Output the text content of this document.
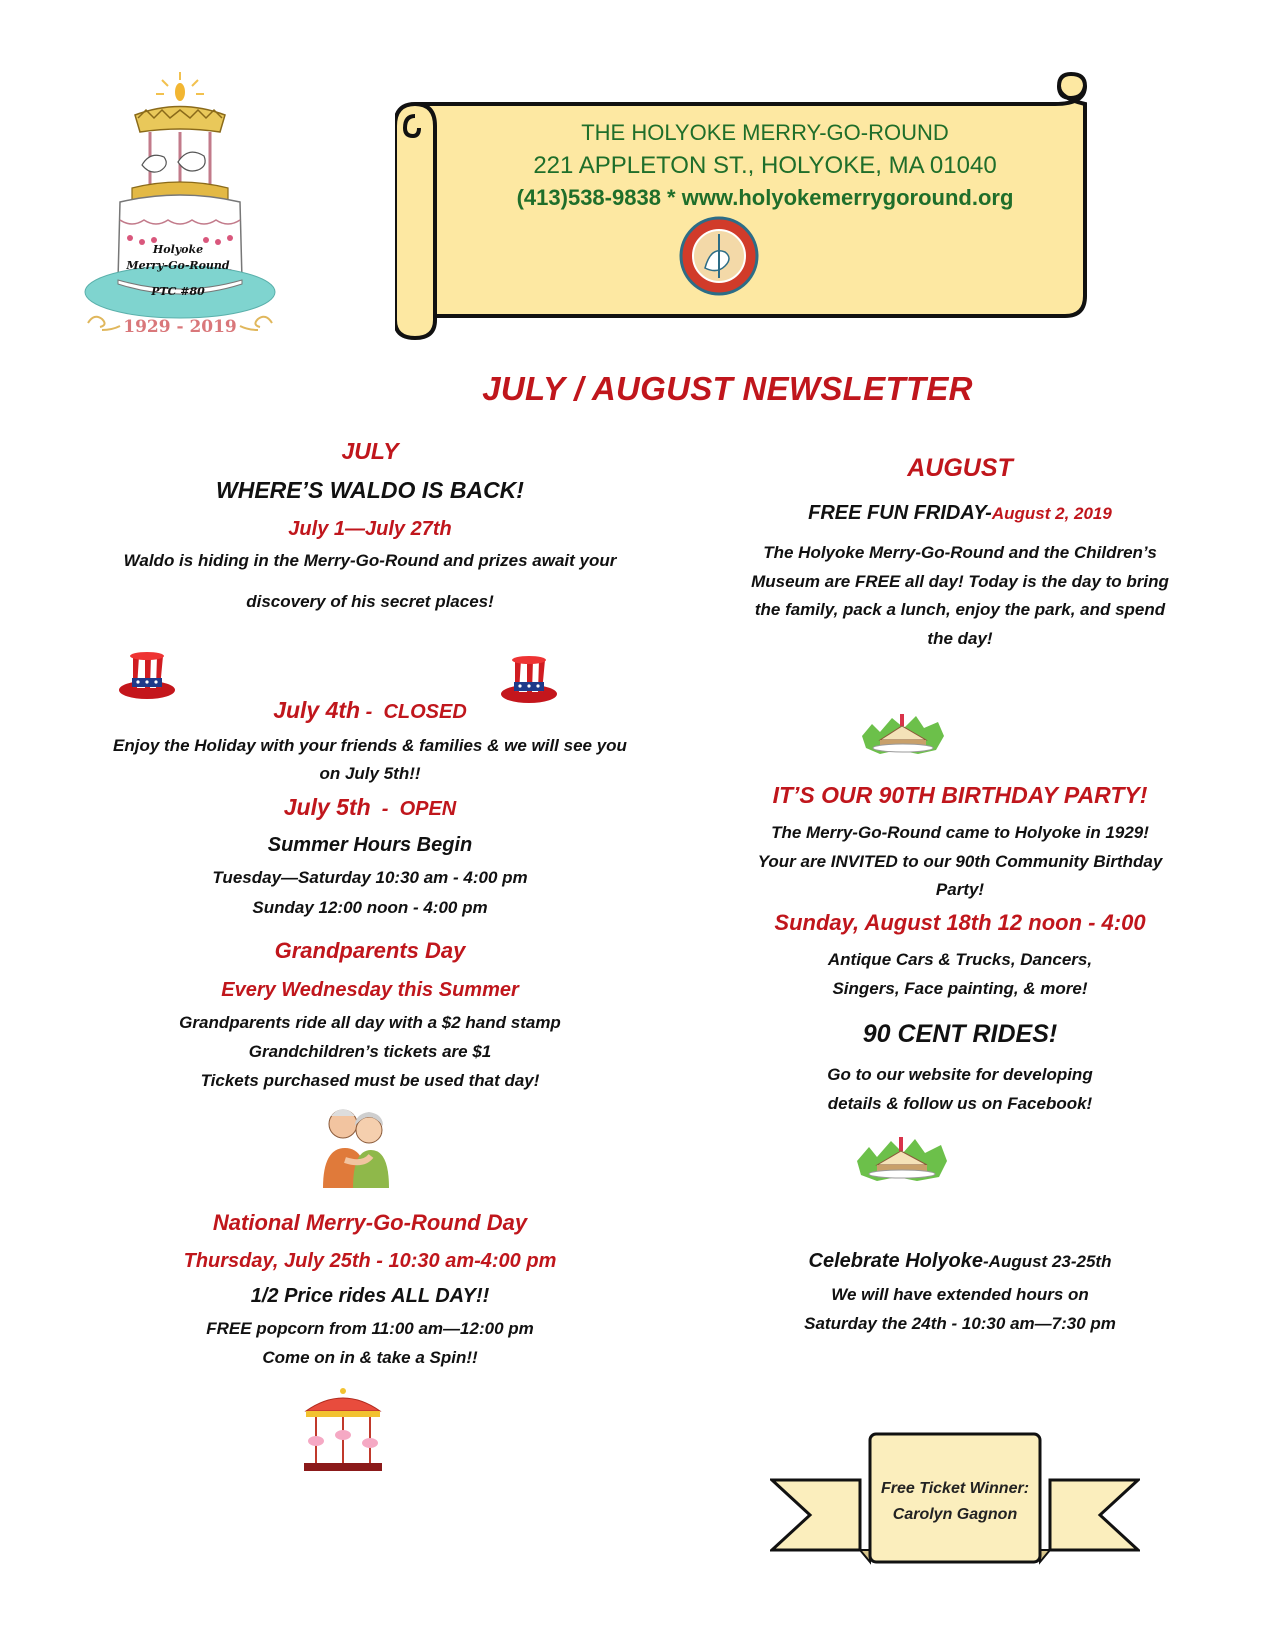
Holyoke
Merry-Go-Round
PTC #80
1929 - 2019
THE HOLYOKE MERRY-GO-ROUND
221 APPLETON ST., HOLYOKE, MA 01040
(413)538-9838 * www.holyokemerrygoround.org
JULY / AUGUST NEWSLETTER
JULY
WHERE’S WALDO IS BACK!
July 1—July 27th
Waldo is hiding in the Merry-Go-Round and prizes await your
discovery of his secret places!
July 4th -  CLOSED
Enjoy the Holiday with your friends & families & we will see you
on July 5th!!
July 5th  -  OPEN
Summer Hours Begin
Tuesday—Saturday 10:30 am - 4:00 pm
Sunday 12:00 noon - 4:00 pm
Grandparents Day
Every Wednesday this Summer
Grandparents ride all day with a $2 hand stamp
Grandchildren’s tickets are $1
Tickets purchased must be used that day!
National Merry-Go-Round Day
Thursday, July 25th - 10:30 am-4:00 pm
1/2 Price rides ALL DAY!!
FREE popcorn from 11:00 am—12:00 pm
Come on in & take a Spin!!
AUGUST
FREE FUN FRIDAY-August 2, 2019
The Holyoke Merry-Go-Round and the Children’s
Museum are FREE all day! Today is the day to bring
the family, pack a lunch, enjoy the park, and spend
the day!
IT’S OUR 90TH BIRTHDAY PARTY!
The Merry-Go-Round came to Holyoke in 1929!
Your are INVITED to our 90th Community Birthday
Party!
Sunday, August 18th 12 noon - 4:00
Antique Cars & Trucks, Dancers,
Singers, Face painting, & more!
90 CENT RIDES!
Go to our website for developing
details & follow us on Facebook!
Celebrate Holyoke-August 23-25th
We will have extended hours on
Saturday the 24th - 10:30 am—7:30 pm
Free Ticket Winner:
Carolyn Gagnon
